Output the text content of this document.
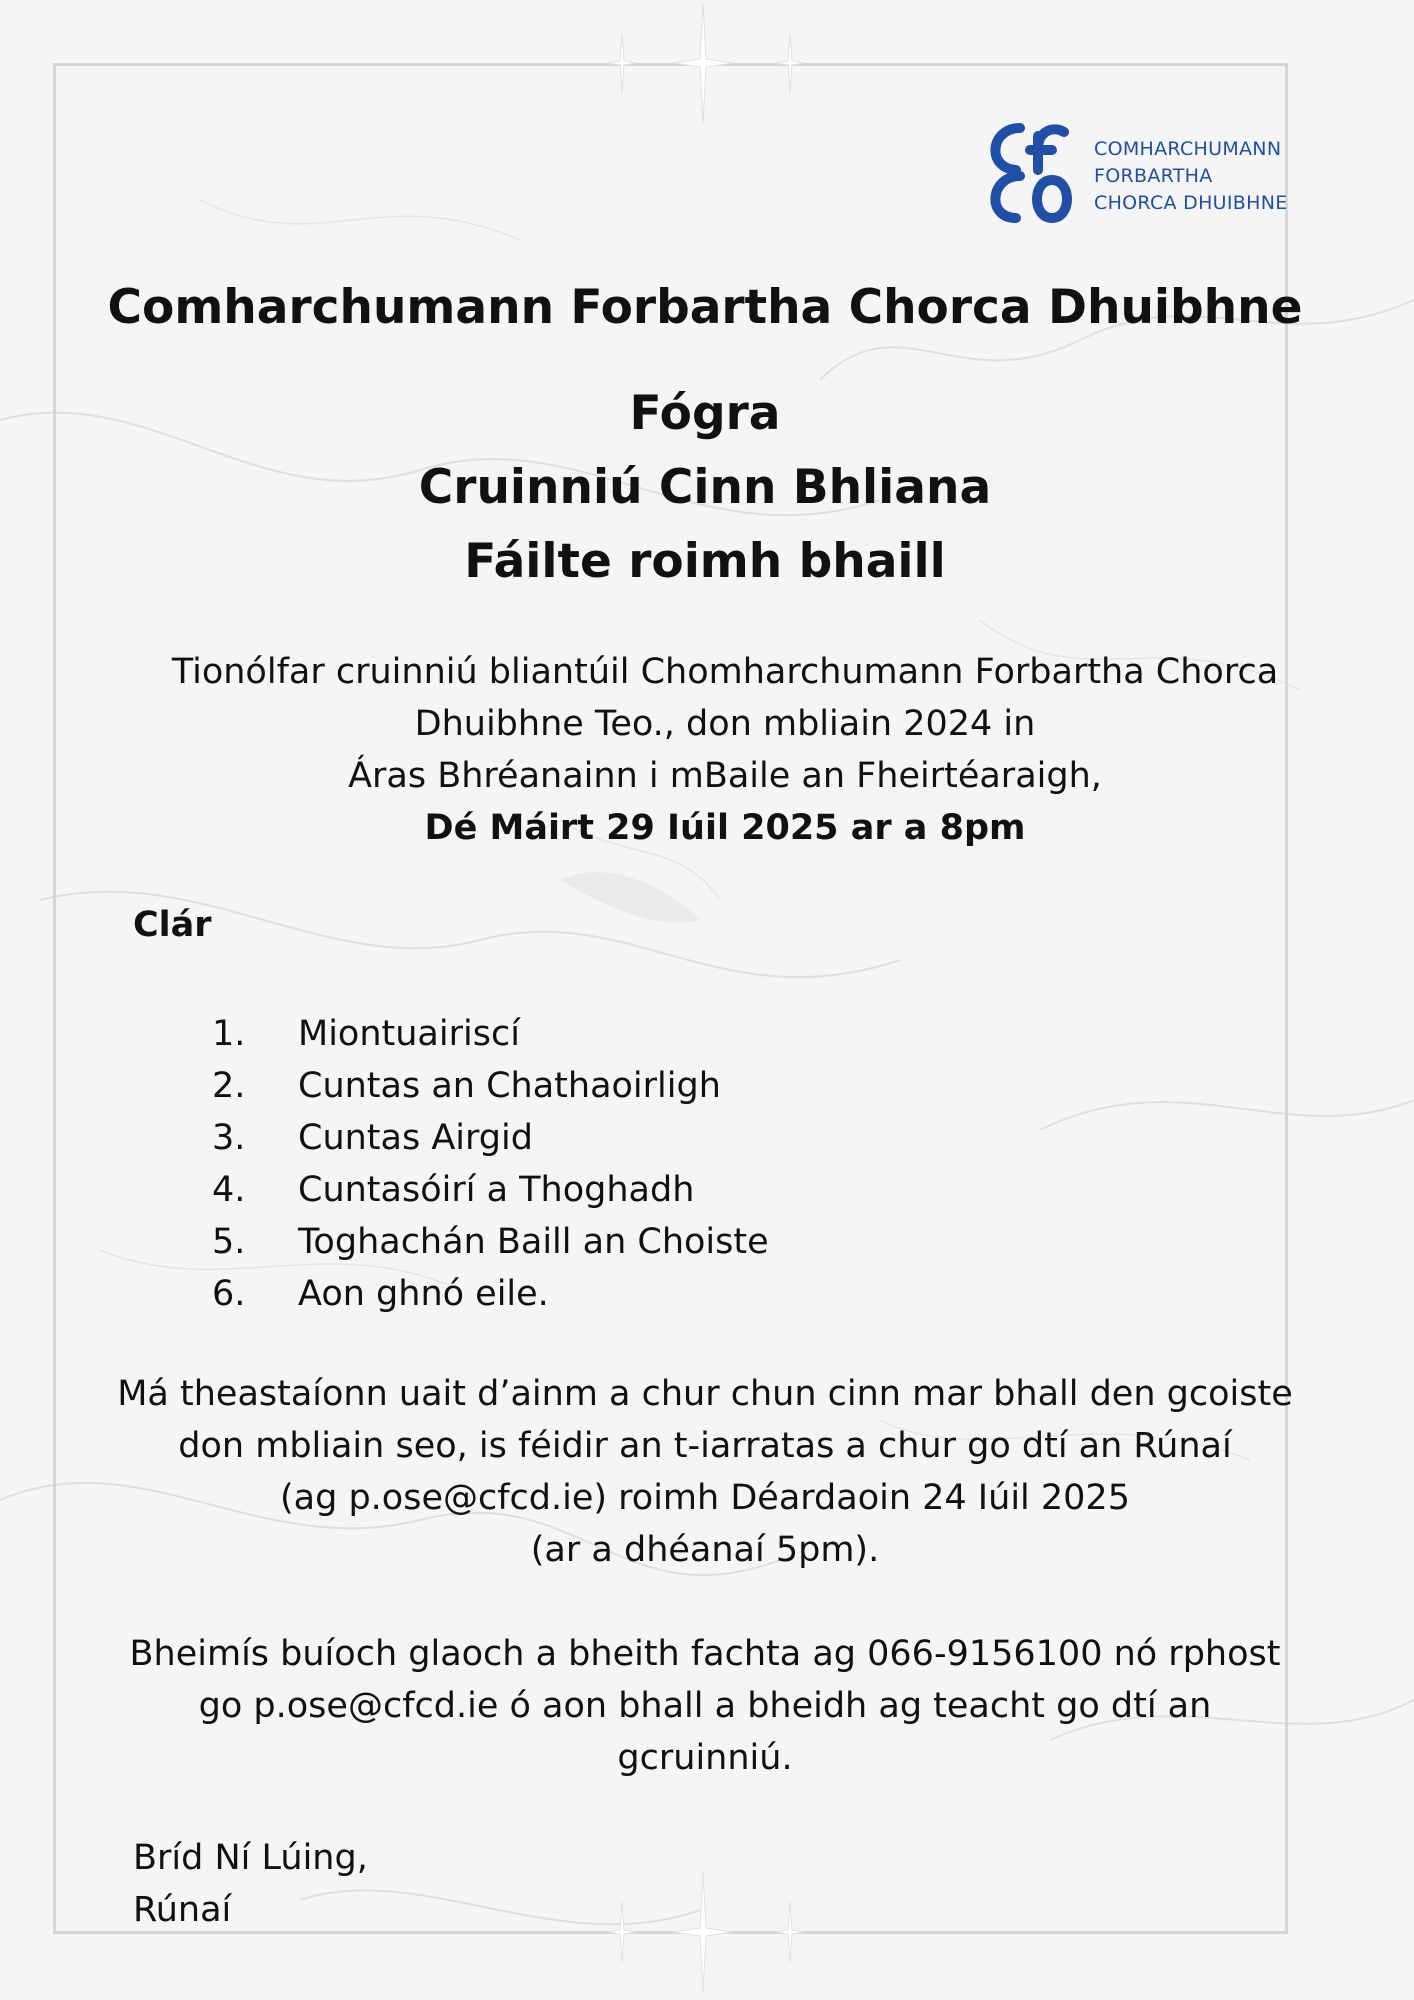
COMHARCHUMANN
FORBARTHA
CHORCA DHUIBHNE
Comharchumann Forbartha Chorca Dhuibhne
Fógra
Cruinniú Cinn Bhliana
Fáilte roimh bhaill
Tionólfar cruinniú bliantúil Chomharchumann Forbartha Chorca
Dhuibhne Teo., don mbliain 2024 in
Áras Bhréanainn i mBaile an Fheirtéaraigh,
Dé Máirt 29 Iúil 2025 ar a 8pm
Clár
1.	Miontuairiscí
2.	Cuntas an Chathaoirligh
3.	Cuntas Airgid
4.	Cuntasóirí a Thoghadh
5.	Toghachán Baill an Choiste
6.	Aon ghnó eile.
Má theastaíonn uait d’ainm a chur chun cinn mar bhall den gcoiste
don mbliain seo, is féidir an t-iarratas a chur go dtí an Rúnaí
(ag p.ose@cfcd.ie) roimh Déardaoin 24 Iúil 2025
(ar a dhéanaí 5pm).
Bheimís buíoch glaoch a bheith fachta ag 066-9156100 nó rphost
go p.ose@cfcd.ie ó aon bhall a bheidh ag teacht go dtí an
gcruinniú.
Bríd Ní Lúing,
Rúnaí
